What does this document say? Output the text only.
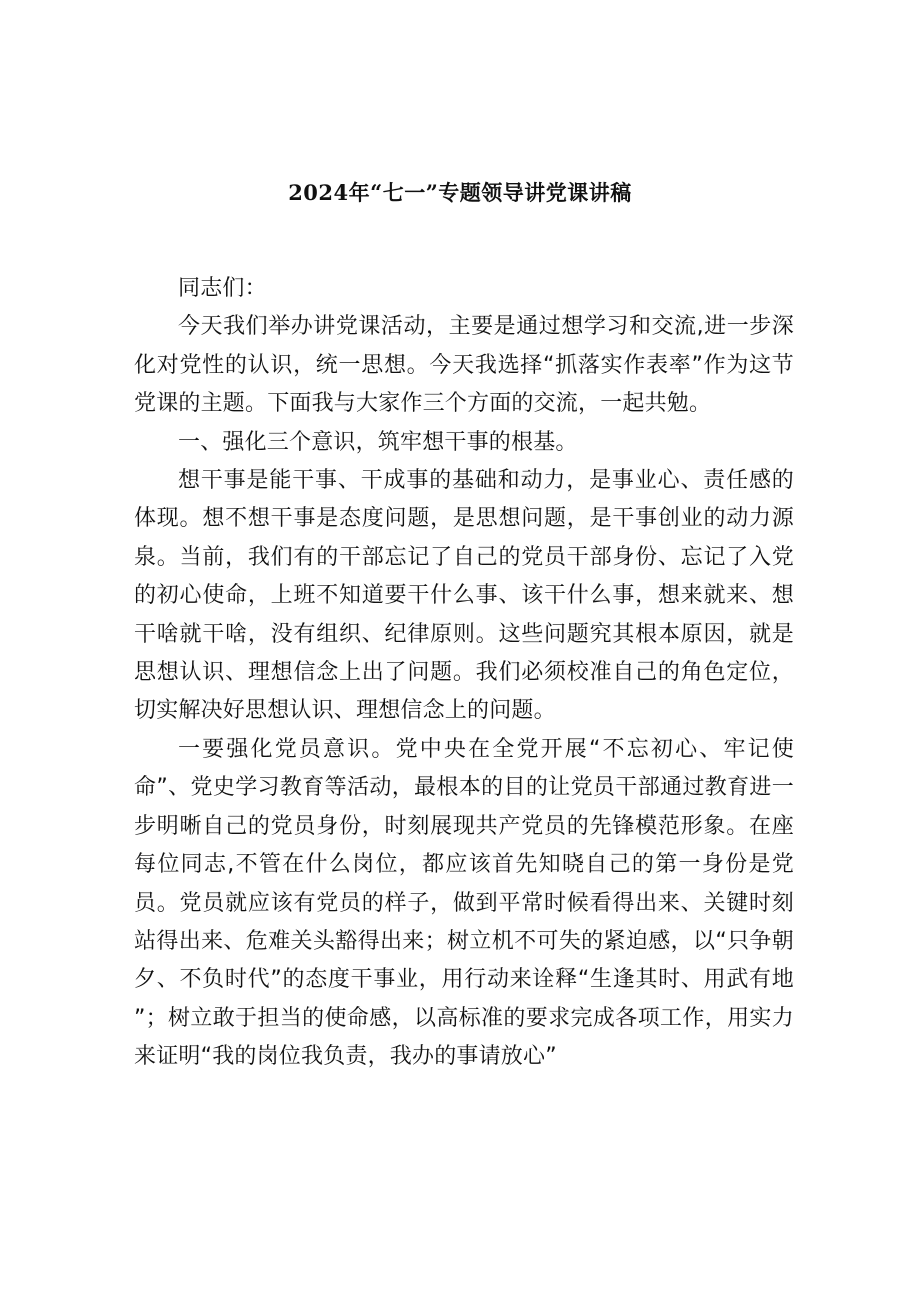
2024年“七一”专题领导讲党课讲稿

同志们：

今天我们举办讲党课活动，主要是通过想学习和交流,进一步深化对党性的认识，统一思想。今天我选择“抓落实作表率”作为这节党课的主题。下面我与大家作三个方面的交流，一起共勉。

一、强化三个意识，筑牢想干事的根基。

想干事是能干事、干成事的基础和动力，是事业心、责任感的体现。想不想干事是态度问题，是思想问题，是干事创业的动力源泉。当前，我们有的干部忘记了自己的党员干部身份、忘记了入党的初心使命，上班不知道要干什么事、该干什么事，想来就来、想干啥就干啥，没有组织、纪律原则。这些问题究其根本原因，就是思想认识、理想信念上出了问题。我们必须校准自己的角色定位，切实解决好思想认识、理想信念上的问题。

一要强化党员意识。党中央在全党开展“不忘初心、牢记使命”、党史学习教育等活动，最根本的目的让党员干部通过教育进一步明晰自己的党员身份，时刻展现共产党员的先锋模范形象。在座每位同志,不管在什么岗位，都应该首先知晓自己的第一身份是党员。党员就应该有党员的样子，做到平常时候看得出来、关键时刻站得出来、危难关头豁得出来；树立机不可失的紧迫感，以“只争朝夕、不负时代”的态度干事业，用行动来诠释“生逢其时、用武有地 ”；树立敢于担当的使命感，以高标准的要求完成各项工作，用实力来证明“我的岗位我负责，我办的事请放心”
